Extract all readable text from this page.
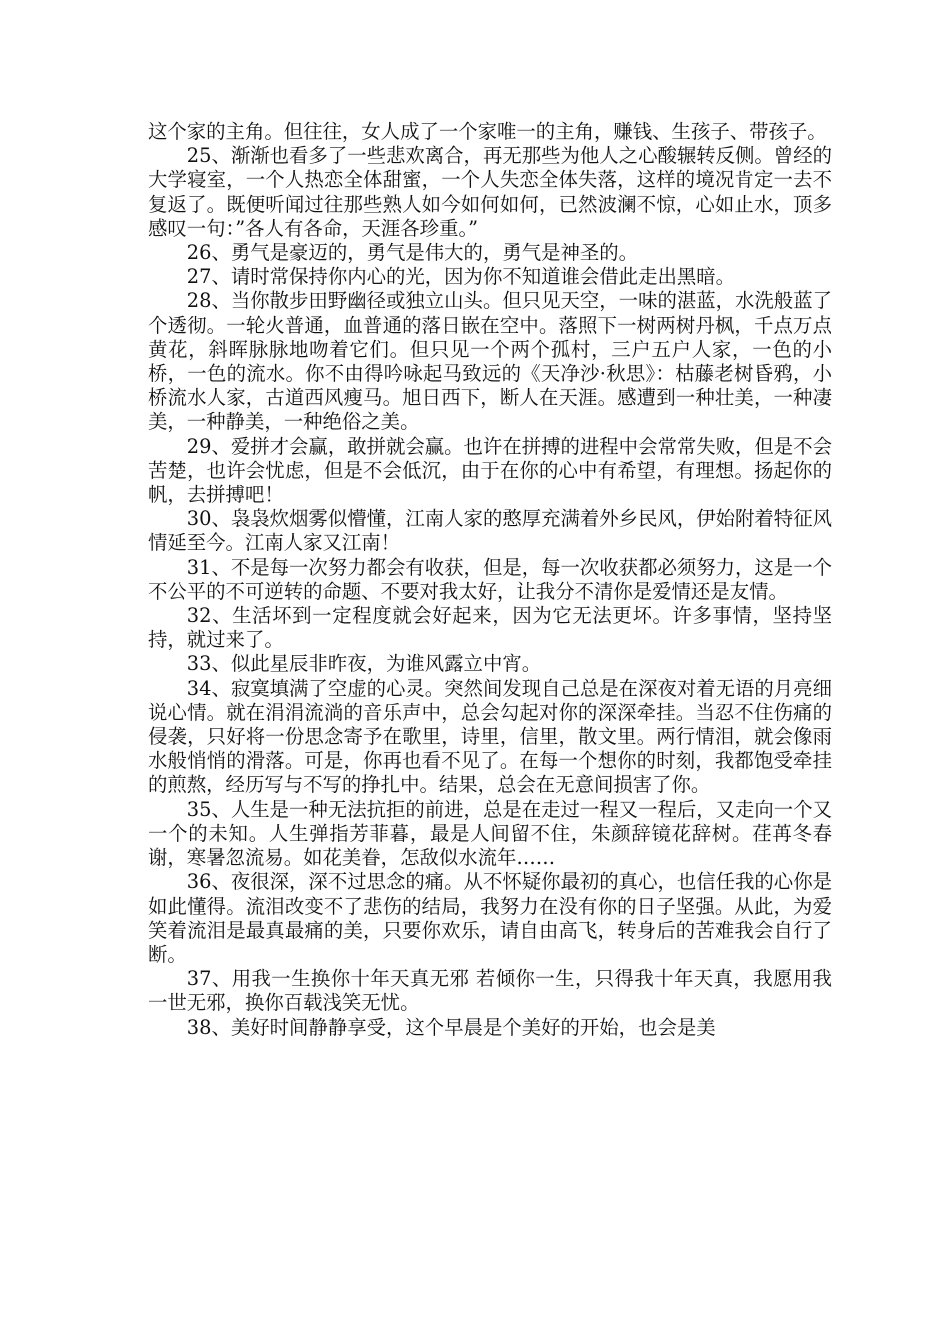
这个家的主角。但往往，女人成了一个家唯一的主角，赚钱、生孩子、带孩子。

25、渐渐也看多了一些悲欢离合，再无那些为他人之心酸辗转反侧。曾经的大学寝室，一个人热恋全体甜蜜，一个人失恋全体失落，这样的境况肯定一去不复返了。既便听闻过往那些熟人如今如何如何，已然波澜不惊，心如止水，顶多感叹一句：”各人有各命，天涯各珍重。”

26、勇气是豪迈的，勇气是伟大的，勇气是神圣的。

27、请时常保持你内心的光，因为你不知道谁会借此走出黑暗。

28、当你散步田野幽径或独立山头。但只见天空，一味的湛蓝，水洗般蓝了个透彻。一轮火普通，血普通的落日嵌在空中。落照下一树两树丹枫，千点万点黄花，斜晖脉脉地吻着它们。但只见一个两个孤村，三户五户人家，一色的小桥，一色的流水。你不由得吟咏起马致远的《天净沙·秋思》：枯藤老树昏鸦，小桥流水人家，古道西风瘦马。旭日西下，断人在天涯。感遭到一种壮美，一种凄美，一种静美，一种绝俗之美。

29、爱拼才会赢，敢拼就会赢。也许在拼搏的进程中会常常失败，但是不会苦楚，也许会忧虑，但是不会低沉，由于在你的心中有希望，有理想。扬起你的帆，去拼搏吧！

30、袅袅炊烟雾似懵懂，江南人家的憨厚充满着外乡民风，伊始附着特征风情延至今。江南人家又江南！

31、不是每一次努力都会有收获，但是，每一次收获都必须努力，这是一个不公平的不可逆转的命题、不要对我太好，让我分不清你是爱情还是友情。

32、生活坏到一定程度就会好起来，因为它无法更坏。许多事情，坚持坚持，就过来了。

33、似此星辰非昨夜，为谁风露立中宵。

34、寂寞填满了空虚的心灵。突然间发现自己总是在深夜对着无语的月亮细说心情。就在涓涓流淌的音乐声中，总会勾起对你的深深牵挂。当忍不住伤痛的侵袭，只好将一份思念寄予在歌里，诗里，信里，散文里。两行情泪，就会像雨水般悄悄的滑落。可是，你再也看不见了。在每一个想你的时刻，我都饱受牵挂的煎熬，经历写与不写的挣扎中。结果，总会在无意间损害了你。

35、人生是一种无法抗拒的前进，总是在走过一程又一程后，又走向一个又一个的未知。人生弹指芳菲暮，最是人间留不住，朱颜辞镜花辞树。荏苒冬春谢，寒暑忽流易。如花美眷，怎敌似水流年……

36、夜很深，深不过思念的痛。从不怀疑你最初的真心，也信任我的心你是如此懂得。流泪改变不了悲伤的结局，我努力在没有你的日子坚强。从此，为爱笑着流泪是最真最痛的美，只要你欢乐，请自由高飞，转身后的苦难我会自行了断。

37、用我一生换你十年天真无邪 若倾你一生，只得我十年天真，我愿用我一世无邪，换你百载浅笑无忧。

38、美好时间静静享受，这个早晨是个美好的开始，也会是美
